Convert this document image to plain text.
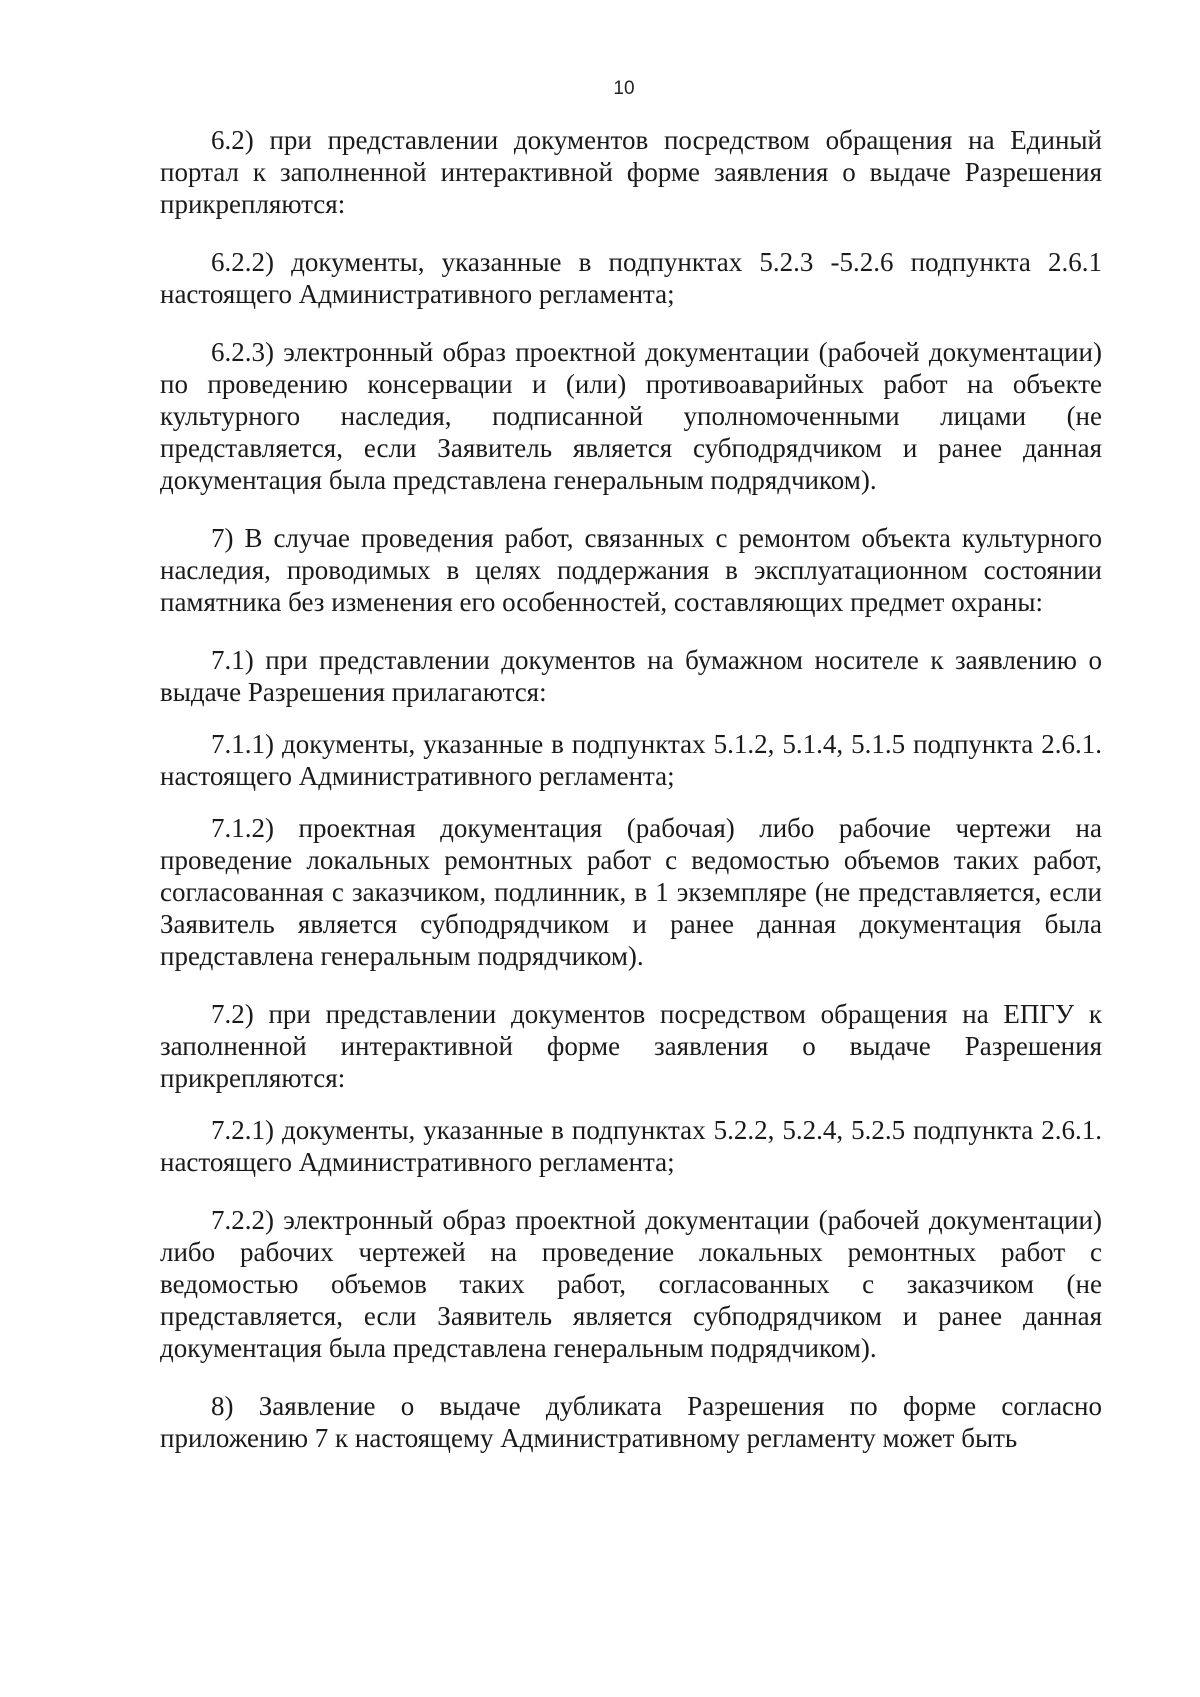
10

6.2) при представлении документов посредством обращения на Единый портал к заполненной интерактивной форме заявления о выдаче Разрешения прикрепляются:

6.2.2) документы, указанные в подпунктах 5.2.3 -5.2.6 подпункта 2.6.1 настоящего Административного регламента;

6.2.3) электронный образ проектной документации (рабочей документации) по проведению консервации и (или) противоаварийных работ на объекте культурного наследия, подписанной уполномоченными лицами (не представляется, если Заявитель является субподрядчиком и ранее данная документация была представлена генеральным подрядчиком).

7) В случае проведения работ, связанных с ремонтом объекта культурного наследия, проводимых в целях поддержания в эксплуатационном состоянии памятника без изменения его особенностей, составляющих предмет охраны:

7.1) при представлении документов на бумажном носителе к заявлению о выдаче Разрешения прилагаются:

7.1.1) документы, указанные в подпунктах 5.1.2, 5.1.4, 5.1.5 подпункта 2.6.1. настоящего Административного регламента;

7.1.2) проектная документация (рабочая) либо рабочие чертежи на проведение локальных ремонтных работ с ведомостью объемов таких работ, согласованная с заказчиком, подлинник, в 1 экземпляре (не представляется, если Заявитель является субподрядчиком и ранее данная документация была представлена генеральным подрядчиком).

7.2) при представлении документов посредством обращения на ЕПГУ к заполненной интерактивной форме заявления о выдаче Разрешения прикрепляются:

7.2.1) документы, указанные в подпунктах 5.2.2, 5.2.4, 5.2.5 подпункта 2.6.1. настоящего Административного регламента;

7.2.2) электронный образ проектной документации (рабочей документации) либо рабочих чертежей на проведение локальных ремонтных работ с ведомостью объемов таких работ, согласованных с заказчиком (не представляется, если Заявитель является субподрядчиком и ранее данная документация была представлена генеральным подрядчиком).

8) Заявление о выдаче дубликата Разрешения по форме согласно приложению 7 к настоящему Административному регламенту может быть
